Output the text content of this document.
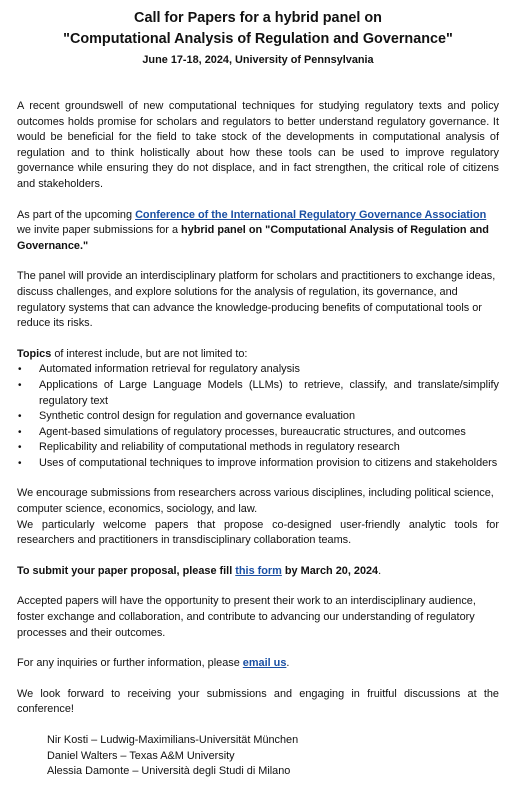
Call for Papers for a hybrid panel on
"Computational Analysis of Regulation and Governance"

June 17-18, 2024, University of Pennsylvania

A recent groundswell of new computational techniques for studying regulatory texts and policy outcomes holds promise for scholars and regulators to better understand regulatory governance. It would be beneficial for the field to take stock of the developments in computational analysis of regulation and to think holistically about how these tools can be used to improve regulatory governance while ensuring they do not displace, and in fact strengthen, the critical role of citizens and stakeholders.

As part of the upcoming Conference of the International Regulatory Governance Association we invite paper submissions for a hybrid panel on "Computational Analysis of Regulation and Governance."

The panel will provide an interdisciplinary platform for scholars and practitioners to exchange ideas, discuss challenges, and explore solutions for the analysis of regulation, its governance, and regulatory systems that can advance the knowledge-producing benefits of computational tools or reduce its risks.

Topics of interest include, but are not limited to:

• Automated information retrieval for regulatory analysis
• Applications of Large Language Models (LLMs) to retrieve, classify, and translate/simplify regulatory text
• Synthetic control design for regulation and governance evaluation
• Agent-based simulations of regulatory processes, bureaucratic structures, and outcomes
• Replicability and reliability of computational methods in regulatory research
• Uses of computational techniques to improve information provision to citizens and stakeholders

We encourage submissions from researchers across various disciplines, including political science, computer science, economics, sociology, and law.

We particularly welcome papers that propose co-designed user-friendly analytic tools for researchers and practitioners in transdisciplinary collaboration teams.

To submit your paper proposal, please fill this form by March 20, 2024.

Accepted papers will have the opportunity to present their work to an interdisciplinary audience, foster exchange and collaboration, and contribute to advancing our understanding of regulatory processes and their outcomes.

For any inquiries or further information, please email us.

We look forward to receiving your submissions and engaging in fruitful discussions at the conference!

Nir Kosti – Ludwig-Maximilians-Universität München

Daniel Walters – Texas A&M University

Alessia Damonte – Università degli Studi di Milano
